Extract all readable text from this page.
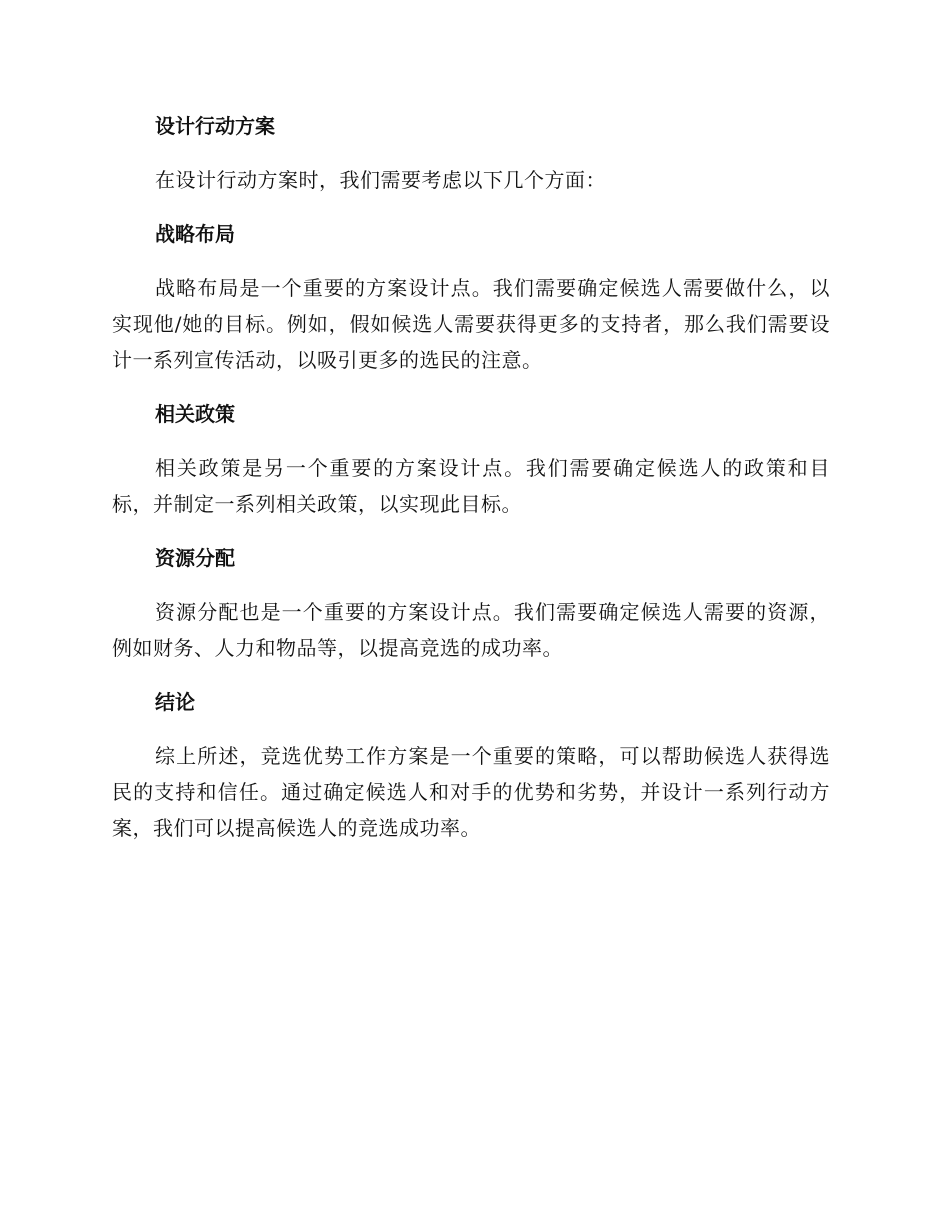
设计行动方案

在设计行动方案时，我们需要考虑以下几个方面：

战略布局

战略布局是一个重要的方案设计点。我们需要确定候选人需要做什么，以实现他/她的目标。例如，假如候选人需要获得更多的支持者，那么我们需要设计一系列宣传活动，以吸引更多的选民的注意。

相关政策

相关政策是另一个重要的方案设计点。我们需要确定候选人的政策和目标，并制定一系列相关政策，以实现此目标。

资源分配

资源分配也是一个重要的方案设计点。我们需要确定候选人需要的资源，例如财务、人力和物品等，以提高竞选的成功率。

结论

综上所述，竞选优势工作方案是一个重要的策略，可以帮助候选人获得选民的支持和信任。通过确定候选人和对手的优势和劣势，并设计一系列行动方案，我们可以提高候选人的竞选成功率。
